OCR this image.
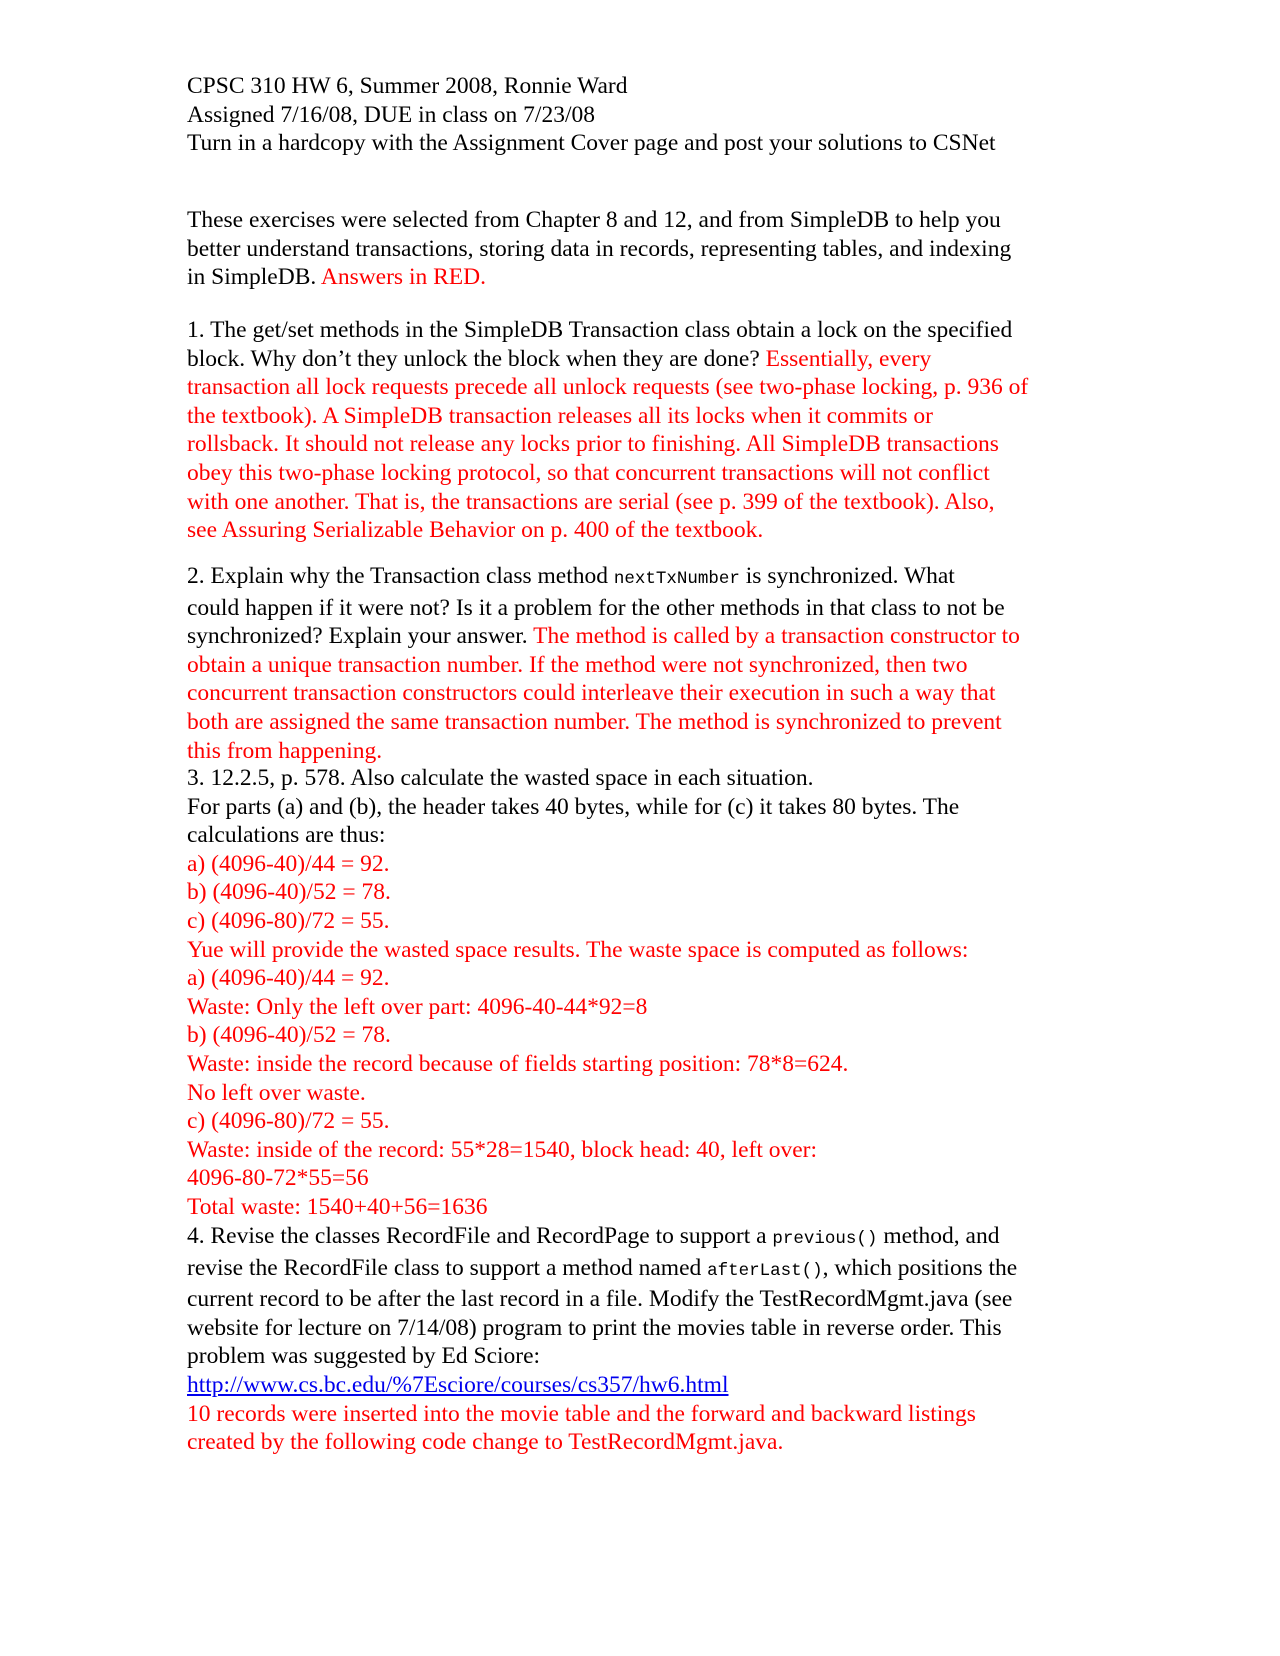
CPSC 310 HW 6, Summer 2008, Ronnie Ward
Assigned 7/16/08, DUE in class on 7/23/08
Turn in a hardcopy with the Assignment Cover page and post your solutions to CSNet
These exercises were selected from Chapter 8 and 12, and from SimpleDB to help you
better understand transactions, storing data in records, representing tables, and indexing
in SimpleDB. Answers in RED.
1. The get/set methods in the SimpleDB Transaction class obtain a lock on the specified
block. Why don’t they unlock the block when they are done? Essentially, every
transaction all lock requests precede all unlock requests (see two-phase locking, p. 936 of
the textbook). A SimpleDB transaction releases all its locks when it commits or
rollsback. It should not release any locks prior to finishing. All SimpleDB transactions
obey this two-phase locking protocol, so that concurrent transactions will not conflict
with one another. That is, the transactions are serial (see p. 399 of the textbook). Also,
see Assuring Serializable Behavior on p. 400 of the textbook.
2. Explain why the Transaction class method nextTxNumber is synchronized. What
could happen if it were not? Is it a problem for the other methods in that class to not be
synchronized? Explain your answer. The method is called by a transaction constructor to
obtain a unique transaction number. If the method were not synchronized, then two
concurrent transaction constructors could interleave their execution in such a way that
both are assigned the same transaction number. The method is synchronized to prevent
this from happening.
3. 12.2.5, p. 578. Also calculate the wasted space in each situation.
For parts (a) and (b), the header takes 40 bytes, while for (c) it takes 80 bytes. The
calculations are thus:
a) (4096-40)/44 = 92.
b) (4096-40)/52 = 78.
c) (4096-80)/72 = 55.
Yue will provide the wasted space results. The waste space is computed as follows:
a) (4096-40)/44 = 92.
Waste: Only the left over part: 4096-40-44*92=8
b) (4096-40)/52 = 78.
Waste: inside the record because of fields starting position: 78*8=624.
No left over waste.
c) (4096-80)/72 = 55.
Waste: inside of the record: 55*28=1540, block head: 40, left over:
4096-80-72*55=56
Total waste: 1540+40+56=1636
4. Revise the classes RecordFile and RecordPage to support a previous() method, and
revise the RecordFile class to support a method named afterLast(), which positions the
current record to be after the last record in a file. Modify the TestRecordMgmt.java (see
website for lecture on 7/14/08) program to print the movies table in reverse order. This
problem was suggested by Ed Sciore:
http://www.cs.bc.edu/%7Esciore/courses/cs357/hw6.html
10 records were inserted into the movie table and the forward and backward listings
created by the following code change to TestRecordMgmt.java.
